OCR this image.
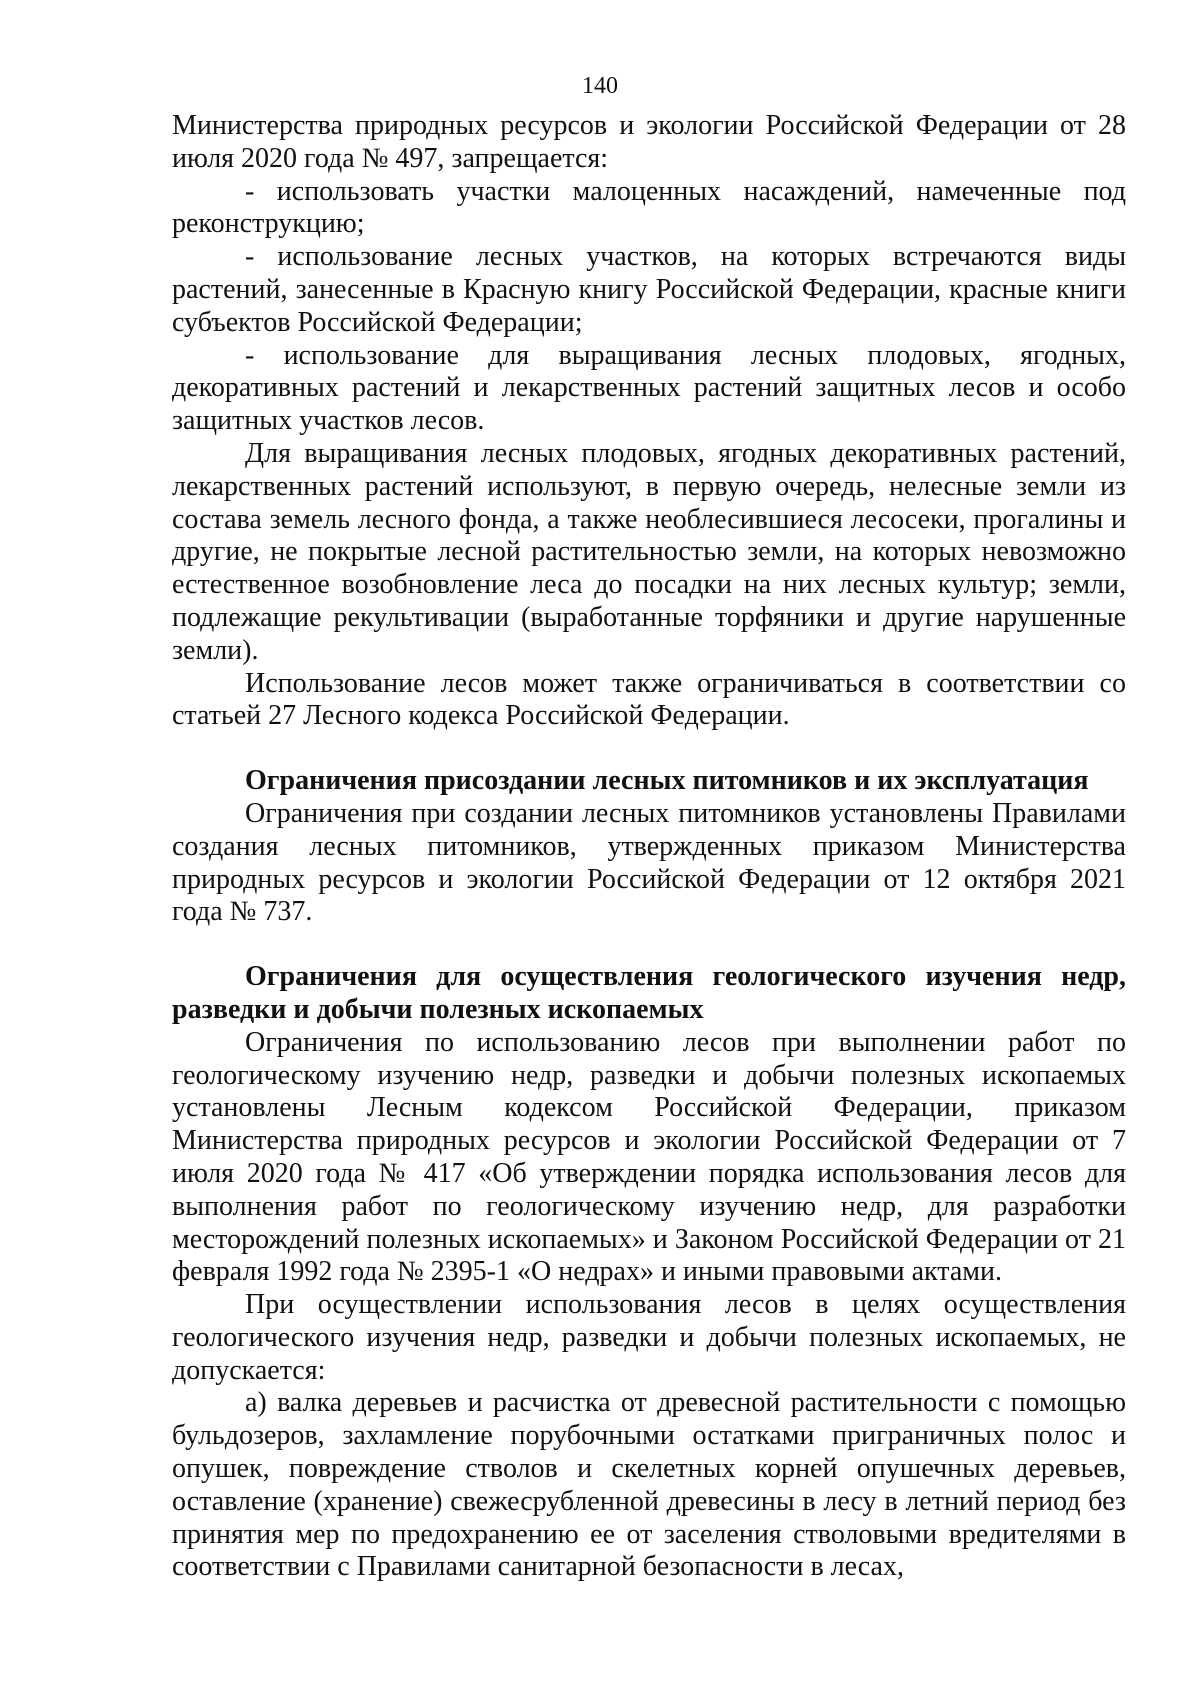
140

Министерства природных ресурсов и экологии Российской Федерации от 28 июля 2020 года № 497, запрещается:

- использовать участки малоценных насаждений, намеченные под реконструкцию;

- использование лесных участков, на которых встречаются виды растений, занесенные в Красную книгу Российской Федерации, красные книги субъектов Российской Федерации;

- использование для выращивания лесных плодовых, ягодных, декоративных растений и лекарственных растений защитных лесов и особо защитных участков лесов.

Для выращивания лесных плодовых, ягодных декоративных растений, лекарственных растений используют, в первую очередь, нелесные земли из состава земель лесного фонда, а также необлесившиеся лесосеки, прогалины и другие, не покрытые лесной растительностью земли, на которых невозможно естественное возобновление леса до посадки на них лесных культур; земли, подлежащие рекультивации (выработанные торфяники и другие нарушенные земли).

Использование лесов может также ограничиваться в соответствии со статьей 27 Лесного кодекса Российской Федерации.

Ограничения присоздании лесных питомников и их эксплуатация

Ограничения при создании лесных питомников установлены Правилами создания лесных питомников, утвержденных приказом Министерства природных ресурсов и экологии Российской Федерации от 12 октября 2021 года № 737.

Ограничения для осуществления геологического изучения недр, разведки и добычи полезных ископаемых

Ограничения по использованию лесов при выполнении работ по геологическому изучению недр, разведки и добычи полезных ископаемых установлены Лесным кодексом Российской Федерации, приказом Министерства природных ресурсов и экологии Российской Федерации от 7 июля 2020 года № 417 «Об утверждении порядка использования лесов для выполнения работ по геологическому изучению недр, для разработки месторождений полезных ископаемых» и Законом Российской Федерации от 21 февраля 1992 года № 2395-1 «О недрах» и иными правовыми актами.

При осуществлении использования лесов в целях осуществления геологического изучения недр, разведки и добычи полезных ископаемых, не допускается:

а) валка деревьев и расчистка от древесной растительности с помощью бульдозеров, захламление порубочными остатками приграничных полос и опушек, повреждение стволов и скелетных корней опушечных деревьев, оставление (хранение) свежесрубленной древесины в лесу в летний период без принятия мер по предохранению ее от заселения стволовыми вредителями в соответствии с Правилами санитарной безопасности в лесах,
